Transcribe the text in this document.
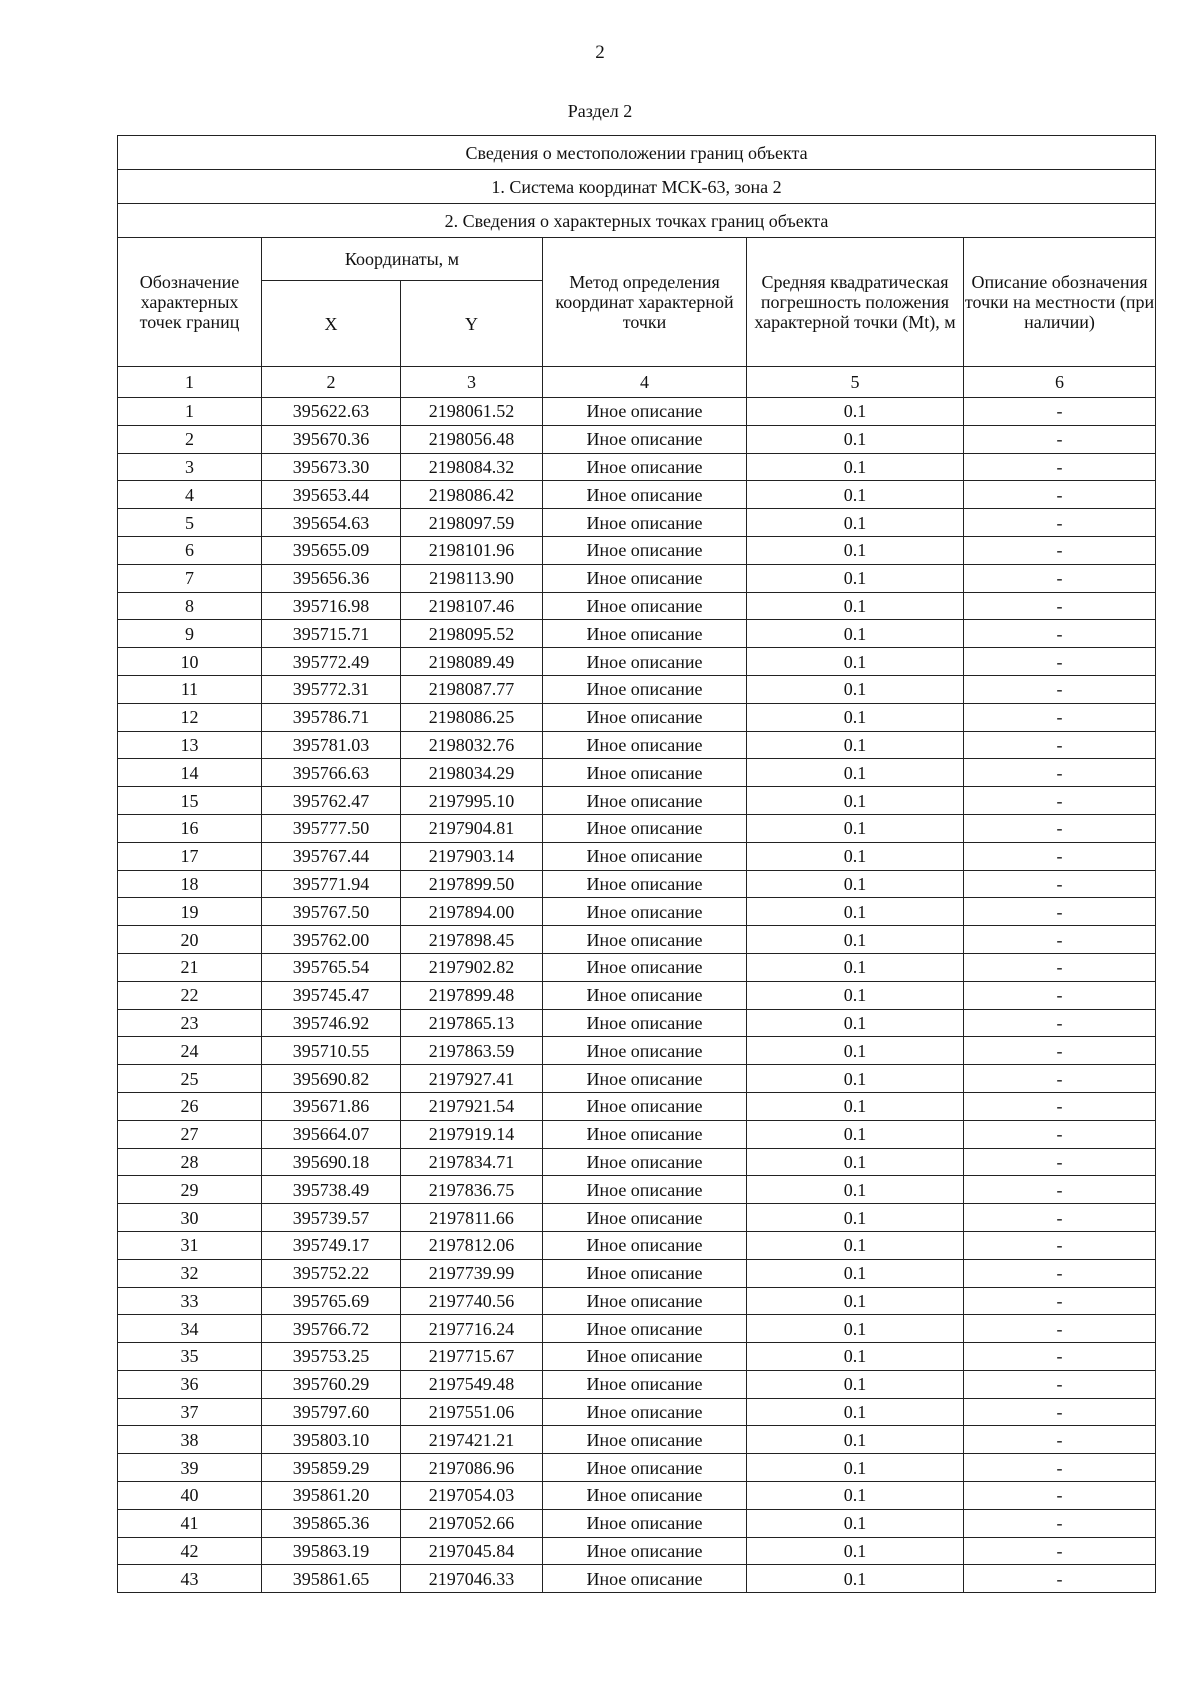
2
Раздел 2
Сведения о местоположении границ объекта					
1. Система координат МСК-63, зона 2					
2. Сведения о характерных точках границ объекта					
Обозначение характерных точек границ	Координаты, м		Метод определения координат характерной точки	Средняя квадратическая погрешность положения характерной точки (Mt), м	Описание обозначения точки на местности (при наличии)
	X	Y			
1	2	3	4	5	6
1	395622.63	2198061.52	Иное описание	0.1	-
2	395670.36	2198056.48	Иное описание	0.1	-
3	395673.30	2198084.32	Иное описание	0.1	-
4	395653.44	2198086.42	Иное описание	0.1	-
5	395654.63	2198097.59	Иное описание	0.1	-
6	395655.09	2198101.96	Иное описание	0.1	-
7	395656.36	2198113.90	Иное описание	0.1	-
8	395716.98	2198107.46	Иное описание	0.1	-
9	395715.71	2198095.52	Иное описание	0.1	-
10	395772.49	2198089.49	Иное описание	0.1	-
11	395772.31	2198087.77	Иное описание	0.1	-
12	395786.71	2198086.25	Иное описание	0.1	-
13	395781.03	2198032.76	Иное описание	0.1	-
14	395766.63	2198034.29	Иное описание	0.1	-
15	395762.47	2197995.10	Иное описание	0.1	-
16	395777.50	2197904.81	Иное описание	0.1	-
17	395767.44	2197903.14	Иное описание	0.1	-
18	395771.94	2197899.50	Иное описание	0.1	-
19	395767.50	2197894.00	Иное описание	0.1	-
20	395762.00	2197898.45	Иное описание	0.1	-
21	395765.54	2197902.82	Иное описание	0.1	-
22	395745.47	2197899.48	Иное описание	0.1	-
23	395746.92	2197865.13	Иное описание	0.1	-
24	395710.55	2197863.59	Иное описание	0.1	-
25	395690.82	2197927.41	Иное описание	0.1	-
26	395671.86	2197921.54	Иное описание	0.1	-
27	395664.07	2197919.14	Иное описание	0.1	-
28	395690.18	2197834.71	Иное описание	0.1	-
29	395738.49	2197836.75	Иное описание	0.1	-
30	395739.57	2197811.66	Иное описание	0.1	-
31	395749.17	2197812.06	Иное описание	0.1	-
32	395752.22	2197739.99	Иное описание	0.1	-
33	395765.69	2197740.56	Иное описание	0.1	-
34	395766.72	2197716.24	Иное описание	0.1	-
35	395753.25	2197715.67	Иное описание	0.1	-
36	395760.29	2197549.48	Иное описание	0.1	-
37	395797.60	2197551.06	Иное описание	0.1	-
38	395803.10	2197421.21	Иное описание	0.1	-
39	395859.29	2197086.96	Иное описание	0.1	-
40	395861.20	2197054.03	Иное описание	0.1	-
41	395865.36	2197052.66	Иное описание	0.1	-
42	395863.19	2197045.84	Иное описание	0.1	-
43	395861.65	2197046.33	Иное описание	0.1	-
